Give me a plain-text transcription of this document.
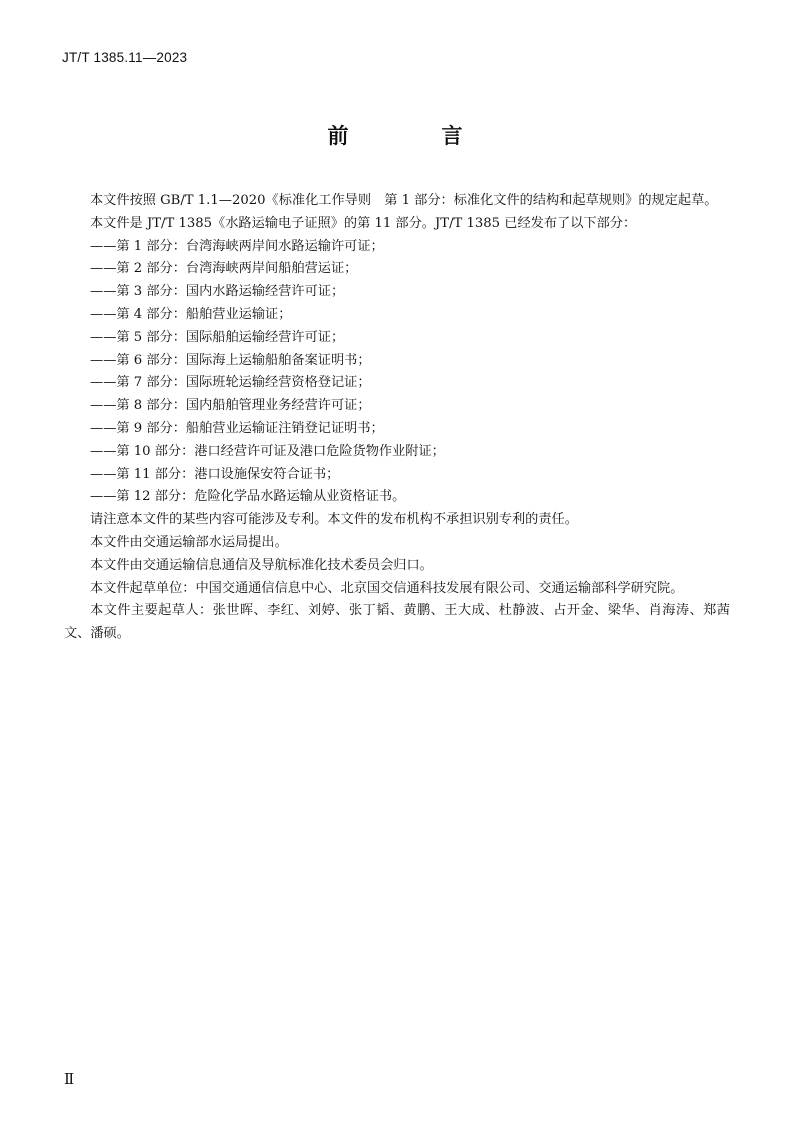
JT/T 1385.11—2023
前　言

本文件按照 GB/T 1.1—2020《标准化工作导则　第 1 部分：标准化文件的结构和起草规则》的规定起草。

本文件是 JT/T 1385《水路运输电子证照》的第 11 部分。JT/T 1385 已经发布了以下部分：

——第 1 部分：台湾海峡两岸间水路运输许可证；

——第 2 部分：台湾海峡两岸间船舶营运证；

——第 3 部分：国内水路运输经营许可证；

——第 4 部分：船舶营业运输证；

——第 5 部分：国际船舶运输经营许可证；

——第 6 部分：国际海上运输船舶备案证明书；

——第 7 部分：国际班轮运输经营资格登记证；

——第 8 部分：国内船舶管理业务经营许可证；

——第 9 部分：船舶营业运输证注销登记证明书；

——第 10 部分：港口经营许可证及港口危险货物作业附证；

——第 11 部分：港口设施保安符合证书；

——第 12 部分：危险化学品水路运输从业资格证书。

请注意本文件的某些内容可能涉及专利。本文件的发布机构不承担识别专利的责任。

本文件由交通运输部水运局提出。

本文件由交通运输信息通信及导航标准化技术委员会归口。

本文件起草单位：中国交通通信信息中心、北京国交信通科技发展有限公司、交通运输部科学研究院。

本文件主要起草人：张世晖、李红、刘婷、张丁韬、黄鹏、王大成、杜静波、占开金、梁华、肖海涛、郑茜文、潘硕。

Ⅱ
